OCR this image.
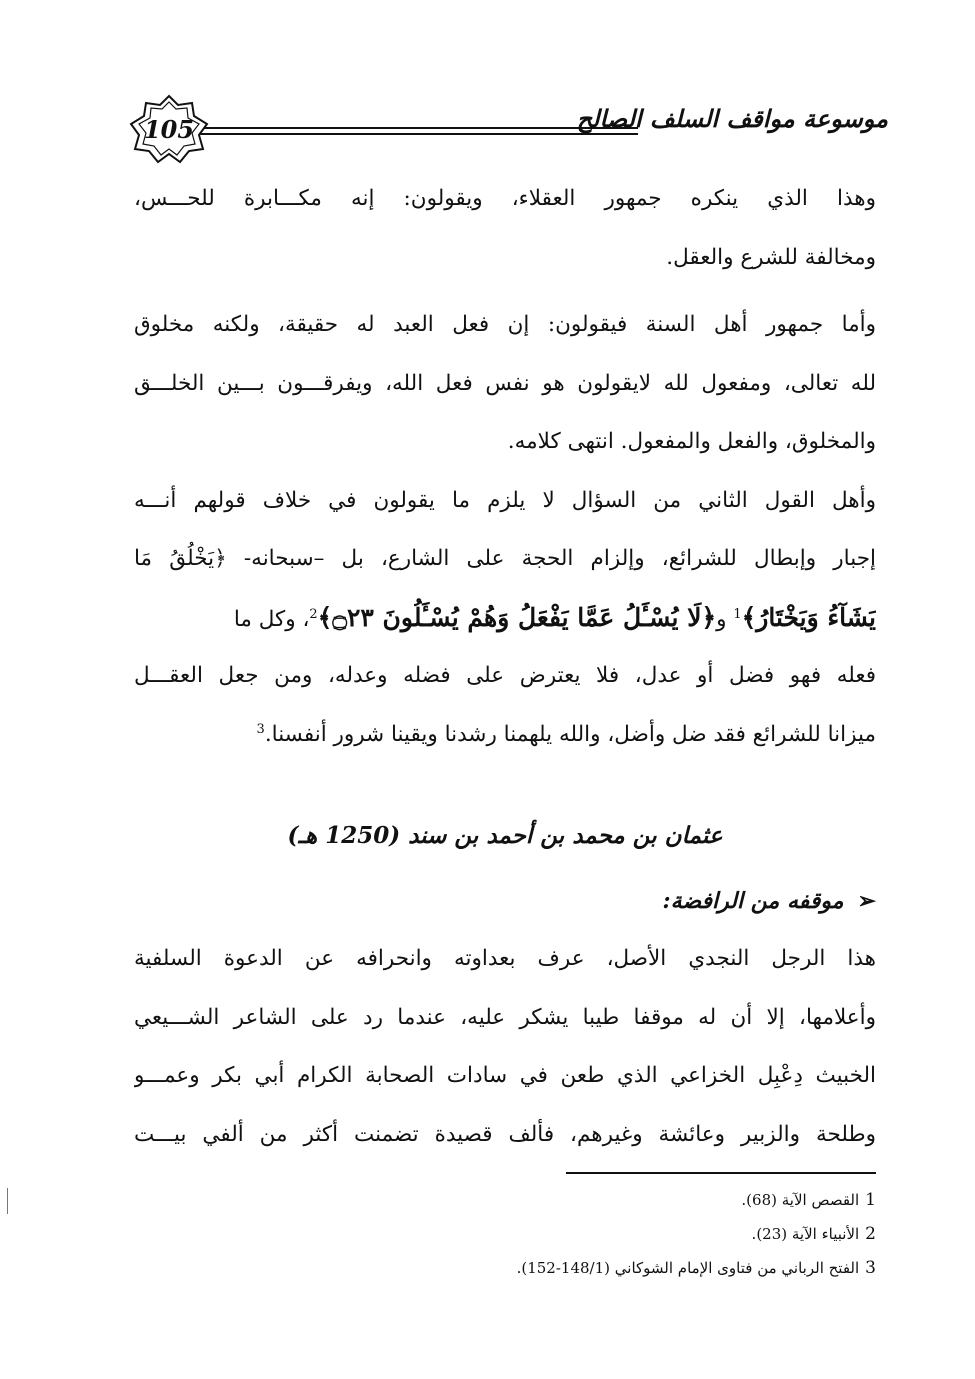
موسوعة مواقف السلف الصالح
105
وهذا الذي ينكره جمهور العقلاء، ويقولون: إنه مكـــابرة للحـــس،
ومخالفة للشرع والعقل.
وأما جمهور أهل السنة فيقولون: إن فعل العبد له حقيقة، ولكنه مخلوق
لله تعالى، ومفعول لله لايقولون هو نفس فعل الله، ويفرقـــون بـــين الخلـــق
والمخلوق، والفعل والمفعول. انتهى كلامه.
وأهل القول الثاني من السؤال لا يلزم ما يقولون في خلاف قولهم أنـــه
إجبار وإبطال للشرائع، وإلزام الحجة على الشارع، بل –سبحانه- ﴿يَخْلُقُ مَا
يَشَآءُ وَيَخْتَارُ﴾$^1$ و﴿لَا يُسْـَٔلُ عَمَّا يَفْعَلُ وَهُمْ يُسْـَٔلُونَ ۝٢٣﴾$^2$، وكل ما
فعله فهو فضل أو عدل، فلا يعترض على فضله وعدله، ومن جعل العقـــل
ميزانا للشرائع فقد ضل وأضل، والله يلهمنا رشدنا ويقينا شرور أنفسنا.$^3$
عثمان بن محمد بن أحمد بن سند (1250 هـ)
➢موقفه من الرافضة:
هذا الرجل النجدي الأصل، عرف بعداوته وانحرافه عن الدعوة السلفية
وأعلامها، إلا أن له موقفا طيبا يشكر عليه، عندما رد على الشاعر الشـــيعي
الخبيث دِعْبِل الخزاعي الذي طعن في سادات الصحابة الكرام أبي بكر وعمـــو
وطلحة والزبير وعائشة وغيرهم، فألف قصيدة تضمنت أكثر من ألفي بيـــت
1القصص الآية (68).
2الأنبياء الآية (23).
3الفتح الرباني من فتاوى الإمام الشوكاني (148/1-152).
